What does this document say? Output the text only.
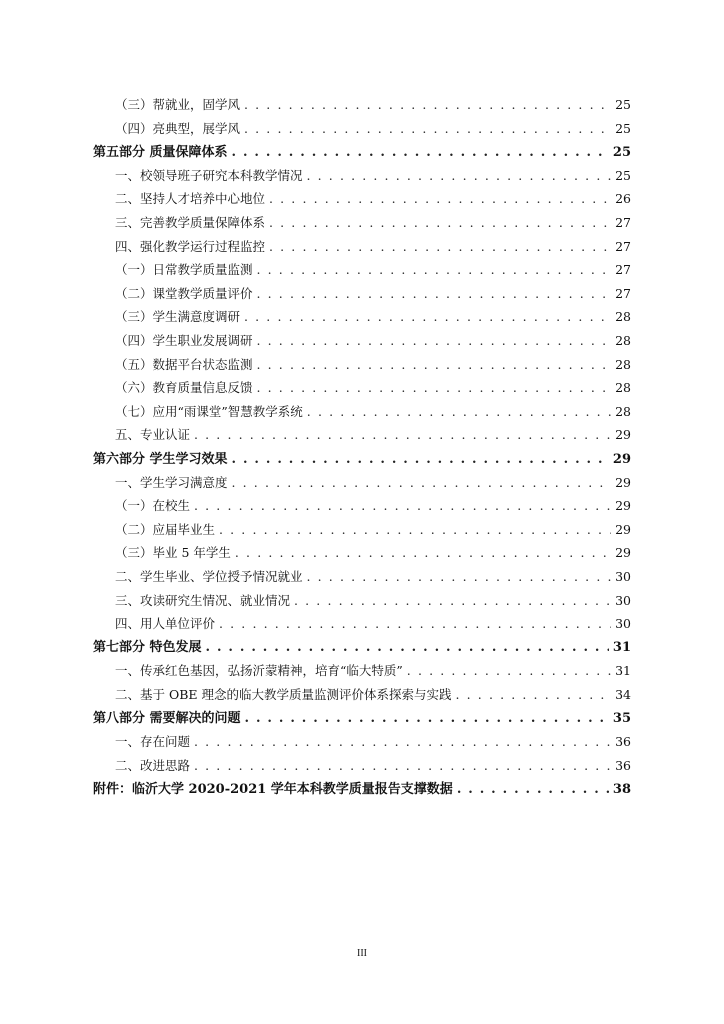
（三）帮就业，固学风 . . .	25
（四）亮典型，展学风 . . .	25
第五部分 质量保障体系 . . .	25
一、校领导班子研究本科教学情况 . . .	25
二、坚持人才培养中心地位 . . .	26
三、完善教学质量保障体系 . . .	27
四、强化教学运行过程监控 . . .	27
（一）日常教学质量监测 . . .	27
（二）课堂教学质量评价 . . .	27
（三）学生满意度调研 . . .	28
（四）学生职业发展调研 . . .	28
（五）数据平台状态监测 . . .	28
（六）教育质量信息反馈 . . .	28
（七）应用“雨课堂”智慧教学系统 . . .	28
五、专业认证 . . .	29
第六部分 学生学习效果 . . .	29
一、学生学习满意度 . . .	29
（一）在校生 . . .	29
（二）应届毕业生 . . .	29
（三）毕业 5 年学生 . . .	29
二、学生毕业、学位授予情况就业 . . .	30
三、攻读研究生情况、就业情况 . . .	30
四、用人单位评价 . . .	30
第七部分 特色发展 . . .	31
一、传承红色基因，弘扬沂蒙精神，培育“临大特质” . . .	31
二、基于 OBE 理念的临大教学质量监测评价体系探索与实践 . . .	34
第八部分 需要解决的问题 . . .	35
一、存在问题 . . .	36
二、改进思路 . . .	36
附件：临沂大学 2020-2021 学年本科教学质量报告支撑数据 . . .	38
III
